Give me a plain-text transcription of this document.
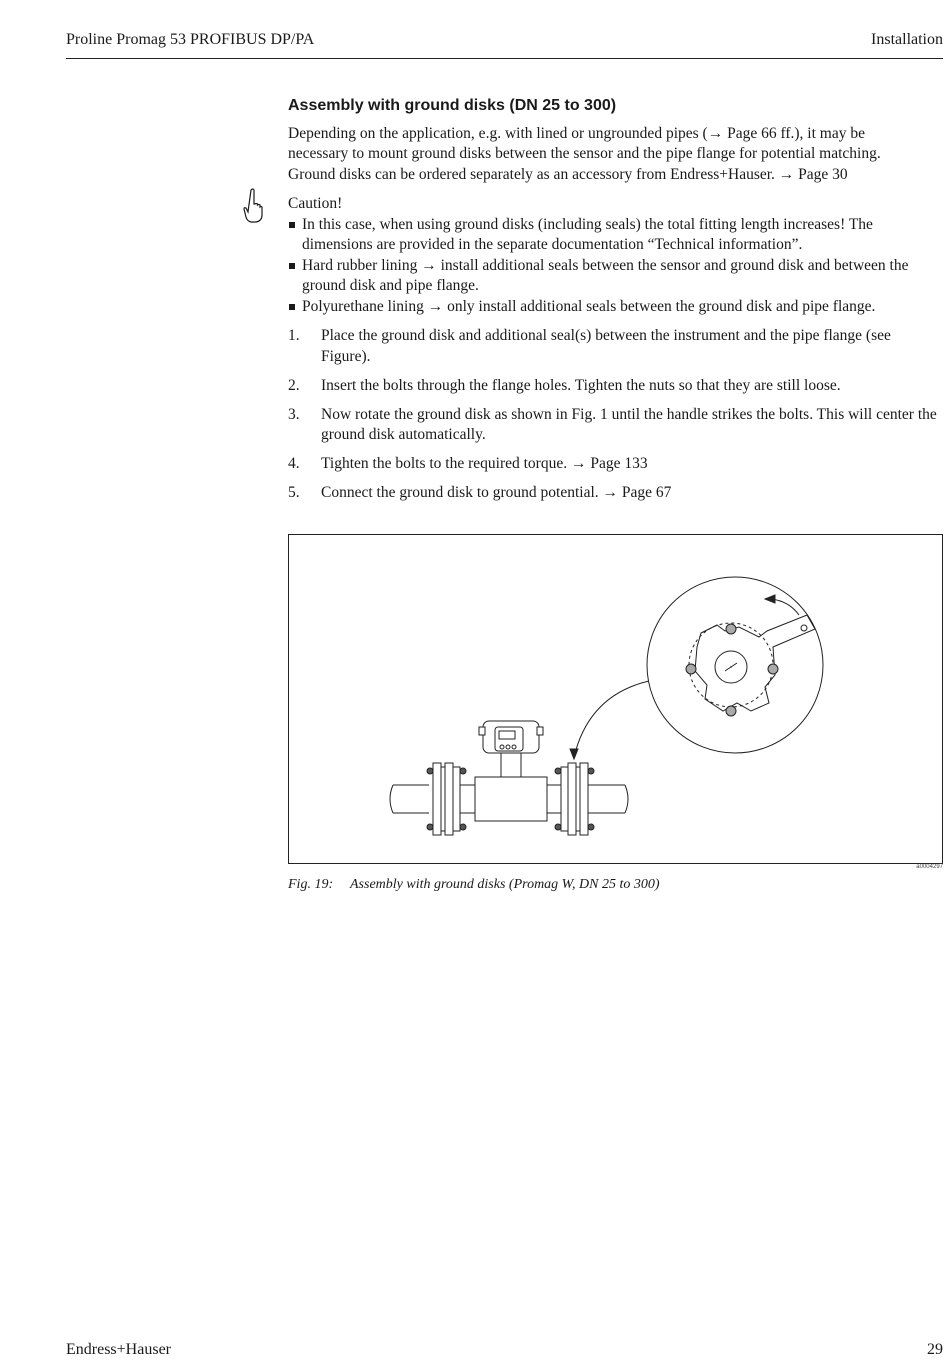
Proline Promag 53 PROFIBUS DP/PA	Installation
Assembly with ground disks (DN 25 to 300)
Depending on the application, e.g. with lined or ungrounded pipes (→ Page 66 ff.), it may be
necessary to mount ground disks between the sensor and the pipe flange for potential matching.
Ground disks can be ordered separately as an accessory from Endress+Hauser. → Page 30
Caution!
In this case, when using ground disks (including seals) the total fitting length increases! The dimensions are provided in the separate documentation “Technical information”.
Hard rubber lining → install additional seals between the sensor and ground disk and between the ground disk and pipe flange.
Polyurethane lining → only install additional seals between the ground disk and pipe flange.
1. Place the ground disk and additional seal(s) between the instrument and the pipe flange (see Figure).
2. Insert the bolts through the flange holes. Tighten the nuts so that they are still loose.
3. Now rotate the ground disk as shown in Fig. 1 until the handle strikes the bolts. This will center the ground disk automatically.
4. Tighten the bolts to the required torque. → Page 133
5. Connect the ground disk to ground potential. → Page 67
a0004297
Fig. 19: Assembly with ground disks (Promag W, DN 25 to 300)
Endress+Hauser	29
